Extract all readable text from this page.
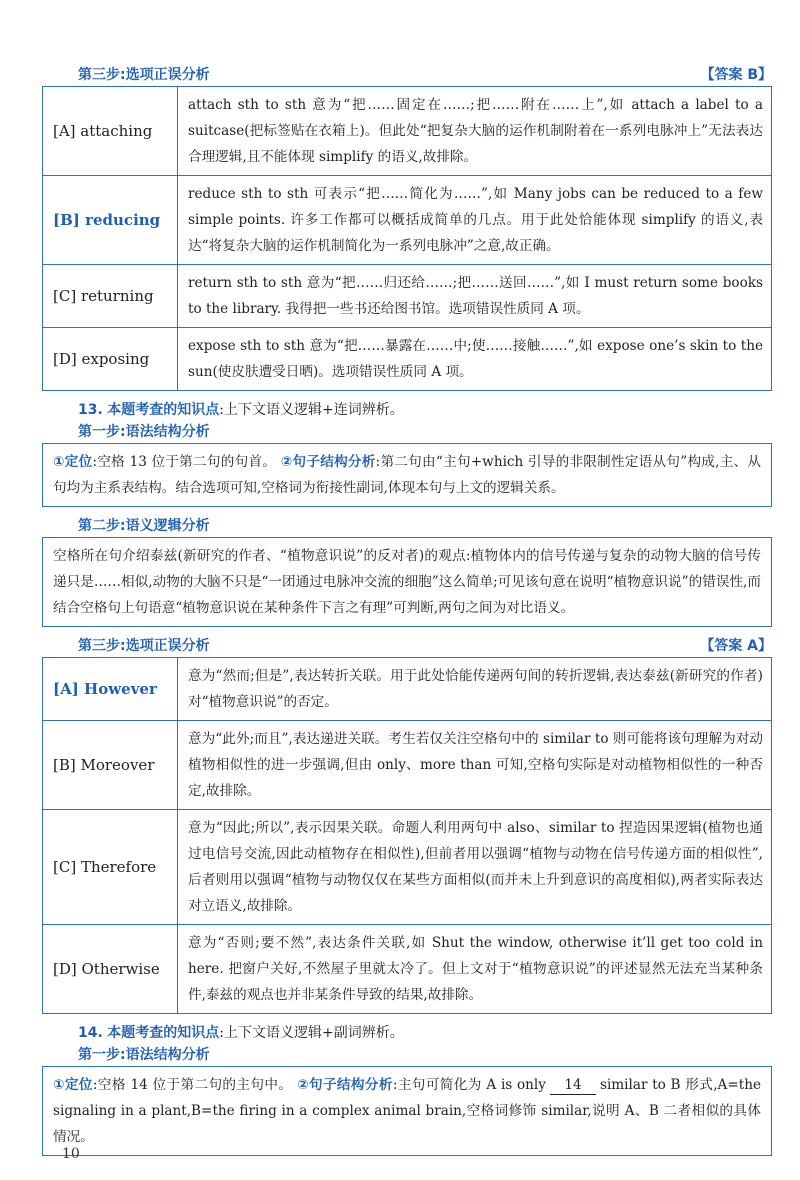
第三步:选项正误分析	【答案 B】
[A] attaching	attach sth to sth 意为“把……固定在……;把……附在……上”,如 attach a label to a suitcase(把标签贴在衣箱上)。但此处“把复杂大脑的运作机制附着在一系列电脉冲上”无法表达合理逻辑,且不能体现 simplify 的语义,故排除。
[B] reducing	reduce sth to sth 可表示“把……简化为……”,如 Many jobs can be reduced to a few simple points. 许多工作都可以概括成简单的几点。用于此处恰能体现 simplify 的语义,表达“将复杂大脑的运作机制简化为一系列电脉冲”之意,故正确。
[C] returning	return sth to sth 意为“把……归还给……;把……送回……”,如 I must return some books to the library. 我得把一些书还给图书馆。选项错误性质同 A 项。
[D] exposing	expose sth to sth 意为“把……暴露在……中;使……接触……”,如 expose one’s skin to the sun(使皮肤遭受日晒)。选项错误性质同 A 项。
13. 本题考查的知识点:上下文语义逻辑+连词辨析。
第一步:语法结构分析
①定位:空格 13 位于第二句的句首。 ②句子结构分析:第二句由“主句+which 引导的非限制性定语从句”构成,主、从句均为主系表结构。结合选项可知,空格词为衔接性副词,体现本句与上文的逻辑关系。
第二步:语义逻辑分析
空格所在句介绍泰兹(新研究的作者、“植物意识说”的反对者)的观点:植物体内的信号传递与复杂的动物大脑的信号传递只是……相似,动物的大脑不只是“一团通过电脉冲交流的细胞”这么简单;可见该句意在说明“植物意识说”的错误性,而结合空格句上句语意“植物意识说在某种条件下言之有理”可判断,两句之间为对比语义。
第三步:选项正误分析	【答案 A】
[A] However	意为“然而;但是”,表达转折关联。用于此处恰能传递两句间的转折逻辑,表达泰兹(新研究的作者)对“植物意识说”的否定。
[B] Moreover	意为“此外;而且”,表达递进关联。考生若仅关注空格句中的 similar to 则可能将该句理解为对动植物相似性的进一步强调,但由 only、more than 可知,空格句实际是对动植物相似性的一种否定,故排除。
[C] Therefore	意为“因此;所以”,表示因果关联。命题人利用两句中 also、similar to 捏造因果逻辑(植物也通过电信号交流,因此动植物存在相似性),但前者用以强调“植物与动物在信号传递方面的相似性”,后者则用以强调“植物与动物仅仅在某些方面相似(而并未上升到意识的高度相似),两者实际表达对立语义,故排除。
[D] Otherwise	意为“否则;要不然”,表达条件关联,如 Shut the window, otherwise it’ll get too cold in here. 把窗户关好,不然屋子里就太冷了。但上文对于“植物意识说”的评述显然无法充当某种条件,泰兹的观点也并非某条件导致的结果,故排除。
14. 本题考查的知识点:上下文语义逻辑+副词辨析。
第一步:语法结构分析
①定位:空格 14 位于第二句的主句中。 ②句子结构分析:主句可简化为 A is only 14 similar to B 形式,A=the signaling in a plant,B=the firing in a complex animal brain,空格词修饰 similar,说明 A、B 二者相似的具体情况。
10
